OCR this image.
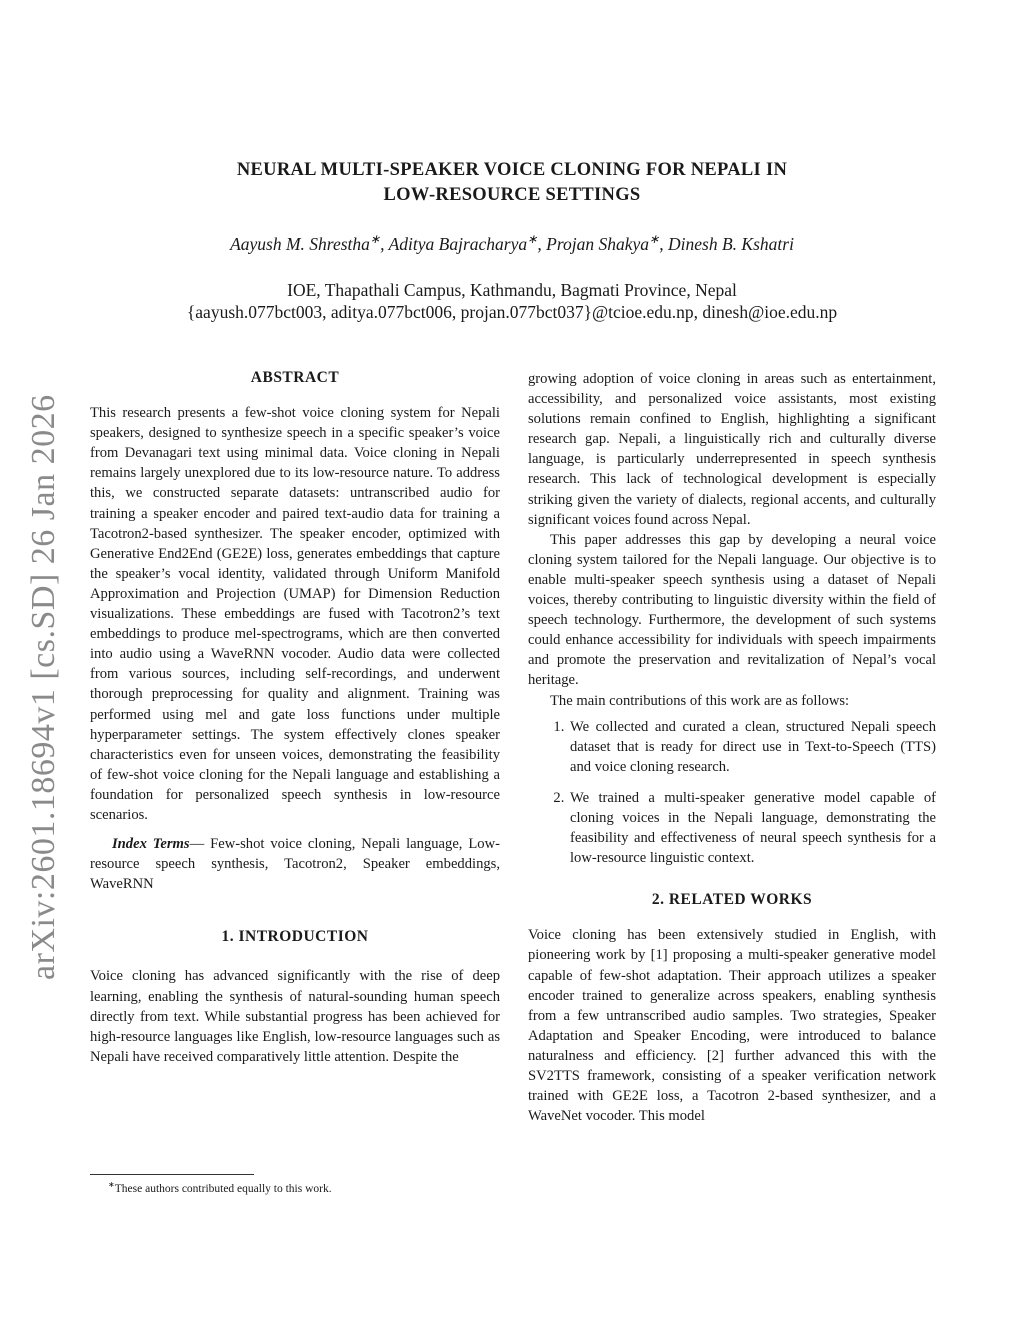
arXiv:2601.18694v1 [cs.SD] 26 Jan 2026
NEURAL MULTI-SPEAKER VOICE CLONING FOR NEPALI IN
LOW-RESOURCE SETTINGS
Aayush M. Shrestha∗, Aditya Bajracharya∗, Projan Shakya∗, Dinesh B. Kshatri
IOE, Thapathali Campus, Kathmandu, Bagmati Province, Nepal
{aayush.077bct003, aditya.077bct006, projan.077bct037}@tcioe.edu.np, dinesh@ioe.edu.np

ABSTRACT

This research presents a few-shot voice cloning system for Nepali speakers, designed to synthesize speech in a specific speaker’s voice from Devanagari text using minimal data. Voice cloning in Nepali remains largely unexplored due to its low-resource nature. To address this, we constructed separate datasets: untranscribed audio for training a speaker encoder and paired text-audio data for training a Tacotron2-based synthesizer. The speaker encoder, optimized with Generative End2End (GE2E) loss, generates embeddings that capture the speaker’s vocal identity, validated through Uniform Manifold Approximation and Projection (UMAP) for Dimension Reduction visualizations. These embeddings are fused with Tacotron2’s text embeddings to produce mel-spectrograms, which are then converted into audio using a WaveRNN vocoder. Audio data were collected from various sources, including self-recordings, and underwent thorough preprocessing for quality and alignment. Training was performed using mel and gate loss functions under multiple hyperparameter settings. The system effectively clones speaker characteristics even for unseen voices, demonstrating the feasibility of few-shot voice cloning for the Nepali language and establishing a foundation for personalized speech synthesis in low-resource scenarios.

Index Terms— Few-shot voice cloning, Nepali language, Low-resource speech synthesis, Tacotron2, Speaker embeddings, WaveRNN

1. INTRODUCTION

Voice cloning has advanced significantly with the rise of deep learning, enabling the synthesis of natural-sounding human speech directly from text. While substantial progress has been achieved for high-resource languages like English, low-resource languages such as Nepali have received comparatively little attention. Despite the

growing adoption of voice cloning in areas such as entertainment, accessibility, and personalized voice assistants, most existing solutions remain confined to English, highlighting a significant research gap. Nepali, a linguistically rich and culturally diverse language, is particularly underrepresented in speech synthesis research. This lack of technological development is especially striking given the variety of dialects, regional accents, and culturally significant voices found across Nepal.

This paper addresses this gap by developing a neural voice cloning system tailored for the Nepali language. Our objective is to enable multi-speaker speech synthesis using a dataset of Nepali voices, thereby contributing to linguistic diversity within the field of speech technology. Furthermore, the development of such systems could enhance accessibility for individuals with speech impairments and promote the preservation and revitalization of Nepal’s vocal heritage.

The main contributions of this work are as follows:

1. We collected and curated a clean, structured Nepali speech dataset that is ready for direct use in Text-to-Speech (TTS) and voice cloning research.
2. We trained a multi-speaker generative model capable of cloning voices in the Nepali language, demonstrating the feasibility and effectiveness of neural speech synthesis for a low-resource linguistic context.

2. RELATED WORKS

Voice cloning has been extensively studied in English, with pioneering work by [1] proposing a multi-speaker generative model capable of few-shot adaptation. Their approach utilizes a speaker encoder trained to generalize across speakers, enabling synthesis from a few untranscribed audio samples. Two strategies, Speaker Adaptation and Speaker Encoding, were introduced to balance naturalness and efficiency. [2] further advanced this with the SV2TTS framework, consisting of a speaker verification network trained with GE2E loss, a Tacotron 2-based synthesizer, and a WaveNet vocoder. This model

∗These authors contributed equally to this work.
